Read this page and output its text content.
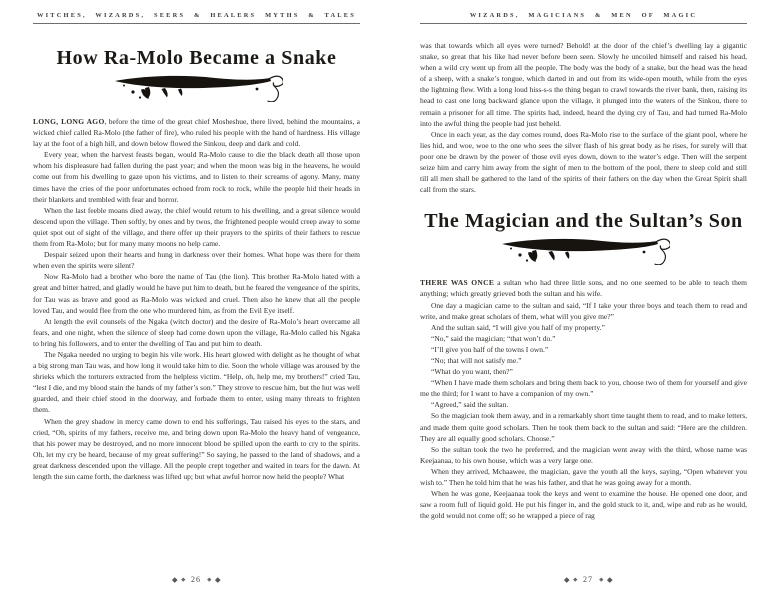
WITCHES, WIZARDS, SEERS & HEALERS MYTHS & TALES
How Ra-Molo Became a Snake

LONG, LONG AGO, before the time of the great chief Mosheshue, there lived, behind the mountains, a wicked chief called Ra-Molo (the father of fire), who ruled his people with the hand of hardness. His village lay at the foot of a high hill, and down below flowed the Sinkou, deep and dark and cold.

Every year, when the harvest feasts began, would Ra-Molo cause to die the black death all those upon whom his displeasure had fallen during the past year; and when the moon was big in the heavens, he would come out from his dwelling to gaze upon his victims, and to listen to their screams of agony. Many, many times have the cries of the poor unfortunates echoed from rock to rock, while the people hid their heads in their blankets and trembled with fear and horror.

When the last feeble moans died away, the chief would return to his dwelling, and a great silence would descend upon the village. Then softly, by ones and by twos, the frightened people would creep away to some quiet spot out of sight of the village, and there offer up their prayers to the spirits of their fathers to rescue them from Ra-Molo; but for many many moons no help came.

Despair seized upon their hearts and hung in darkness over their homes. What hope was there for them when even the spirits were silent?

Now Ra-Molo had a brother who bore the name of Tau (the lion). This brother Ra-Molo hated with a great and bitter hatred, and gladly would he have put him to death, but he feared the vengeance of the spirits, for Tau was as brave and good as Ra-Molo was wicked and cruel. Then also he knew that all the people loved Tau, and would flee from the one who murdered him, as from the Evil Eye itself.

At length the evil counsels of the Ngaka (witch doctor) and the desire of Ra-Molo’s heart overcame all fears, and one night, when the silence of sleep had come down upon the village, Ra-Molo called his Ngaka to bring his followers, and to enter the dwelling of Tau and put him to death.

The Ngaka needed no urging to begin his vile work. His heart glowed with delight as he thought of what a big strong man Tau was, and how long it would take him to die. Soon the whole village was aroused by the shrieks which the torturers extracted from the helpless victim. “Help, oh, help me, my brothers!” cried Tau, “lest I die, and my blood stain the hands of my father’s son.” They strove to rescue him, but the hut was well guarded, and their chief stood in the doorway, and forbade them to enter, using many threats to frighten them.

When the grey shadow in mercy came down to end his sufferings, Tau raised his eyes to the stars, and cried, “Oh, spirits of my fathers, receive me, and bring down upon Ra-Molo the heavy hand of vengeance, that his power may be destroyed, and no more innocent blood be spilled upon the earth to cry to the spirits. Oh, let my cry be heard, because of my great suffering!” So saying, he passed to the land of shadows, and a great darkness descended upon the village. All the people crept together and waited in tears for the dawn. At length the sun came forth, the darkness was lifted up; but what awful horror now held the people? What

26
WIZARDS, MAGICIANS & MEN OF MAGIC

was that towards which all eyes were turned? Behold! at the door of the chief’s dwelling lay a gigantic snake, so great that his like had never before been seen. Slowly he uncoiled himself and raised his head, when a wild cry went up from all the people. The body was the body of a snake, but the head was the head of a sheep, with a snake’s tongue, which darted in and out from its wide-open mouth, while from the eyes the lightning flew. With a long loud hiss-s-s the thing began to crawl towards the river bank, then, raising its head to cast one long backward glance upon the village, it plunged into the waters of the Sinkou, there to remain a prisoner for all time. The spirits had, indeed, heard the dying cry of Tau, and had turned Ra-Molo into the awful thing the people had just beheld.

Once in each year, as the day comes round, does Ra-Molo rise to the surface of the giant pool, where he lies hid, and woe, woe to the one who sees the silver flash of his great body as he rises, for surely will that poor one be drawn by the power of those evil eyes down, down to the water’s edge. Then will the serpent seize him and carry him away from the sight of men to the bottom of the pool, there to sleep cold and still till all men shall be gathered to the land of the spirits of their fathers on the day when the Great Spirit shall call from the stars.

The Magician and the Sultan’s Son

THERE WAS ONCE a sultan who had three little sons, and no one seemed to be able to teach them anything; which greatly grieved both the sultan and his wife.

One day a magician came to the sultan and said, “If I take your three boys and teach them to read and write, and make great scholars of them, what will you give me?”

And the sultan said, “I will give you half of my property.”

“No,” said the magician; “that won’t do.”

“I’ll give you half of the towns I own.”

“No; that will not satisfy me.”

“What do you want, then?”

“When I have made them scholars and bring them back to you, choose two of them for yourself and give me the third; for I want to have a companion of my own.”

“Agreed,” said the sultan.

So the magician took them away, and in a remarkably short time taught them to read, and to make letters, and made them quite good scholars. Then he took them back to the sultan and said: “Here are the children. They are all equally good scholars. Choose.”

So the sultan took the two he preferred, and the magician went away with the third, whose name was Keejaanaa, to his own house, which was a very large one.

When they arrived, Mchaawee, the magician, gave the youth all the keys, saying, “Open whatever you wish to.” Then he told him that he was his father, and that he was going away for a month.

When he was gone, Keejaanaa took the keys and went to examine the house. He opened one door, and saw a room full of liquid gold. He put his finger in, and the gold stuck to it, and, wipe and rub as he would, the gold would not come off; so he wrapped a piece of rag

27
